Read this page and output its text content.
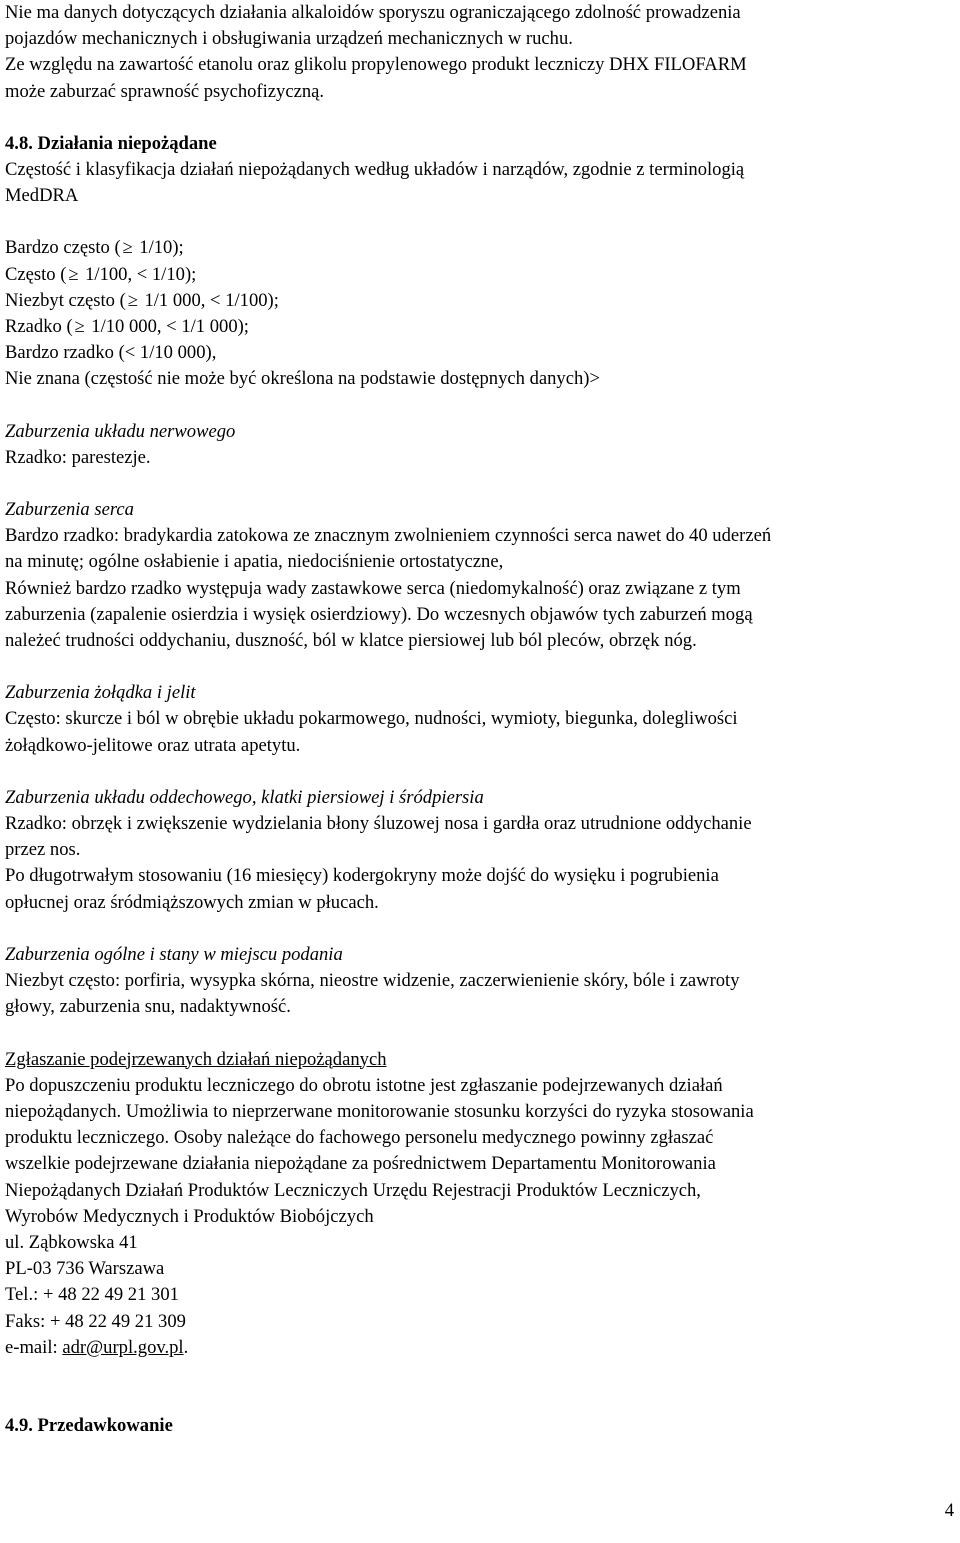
Nie ma danych dotyczących działania alkaloidów sporyszu ograniczającego zdolność prowadzenia

pojazdów mechanicznych i obsługiwania urządzeń mechanicznych w ruchu.

Ze względu na zawartość etanolu oraz glikolu propylenowego produkt leczniczy DHX FILOFARM

może zaburzać sprawność psychofizyczną.

4.8. Działania niepożądane

Częstość i klasyfikacja działań niepożądanych według układów i narządów, zgodnie z terminologią

MedDRA

Bardzo często ( ≥ 1/10);

Często ( ≥ 1/100, < 1/10);

Niezbyt często ( ≥ 1/1 000, < 1/100);

Rzadko ( ≥ 1/10 000, < 1/1 000);

Bardzo rzadko (< 1/10 000),

Nie znana (częstość nie może być określona na podstawie dostępnych danych)>

Zaburzenia układu nerwowego

Rzadko: parestezje.

Zaburzenia serca

Bardzo rzadko: bradykardia zatokowa ze znacznym zwolnieniem czynności serca nawet do 40 uderzeń

na minutę; ogólne osłabienie i apatia, niedociśnienie ortostatyczne,

Również bardzo rzadko występuja wady zastawkowe serca (niedomykalność) oraz związane z tym

zaburzenia (zapalenie osierdzia i wysięk osierdziowy). Do wczesnych objawów tych zaburzeń mogą

należeć trudności oddychaniu, duszność, ból w klatce piersiowej lub ból pleców, obrzęk nóg.

Zaburzenia żołądka i jelit

Często: skurcze i ból w obrębie układu pokarmowego, nudności, wymioty, biegunka, dolegliwości

żołądkowo-jelitowe oraz utrata apetytu.

Zaburzenia układu oddechowego, klatki piersiowej i śródpiersia

Rzadko: obrzęk i zwiększenie wydzielania błony śluzowej nosa i gardła oraz utrudnione oddychanie

przez nos.

Po długotrwałym stosowaniu (16 miesięcy) kodergokryny może dojść do wysięku i pogrubienia

opłucnej oraz śródmiąższowych zmian w płucach.

Zaburzenia ogólne i stany w miejscu podania

Niezbyt często: porfiria, wysypka skórna, nieostre widzenie, zaczerwienienie skóry, bóle i zawroty

głowy, zaburzenia snu, nadaktywność.

Zgłaszanie podejrzewanych działań niepożądanych

Po dopuszczeniu produktu leczniczego do obrotu istotne jest zgłaszanie podejrzewanych działań

niepożądanych. Umożliwia to nieprzerwane monitorowanie stosunku korzyści do ryzyka stosowania

produktu leczniczego. Osoby należące do fachowego personelu medycznego powinny zgłaszać

wszelkie podejrzewane działania niepożądane za pośrednictwem Departamentu Monitorowania

Niepożądanych Działań Produktów Leczniczych Urzędu Rejestracji Produktów Leczniczych,

Wyrobów Medycznych i Produktów Biobójczych

ul. Ząbkowska 41

PL-03 736 Warszawa

Tel.: + 48 22 49 21 301

Faks: + 48 22 49 21 309

e-mail: adr@urpl.gov.pl.

4.9. Przedawkowanie

4
